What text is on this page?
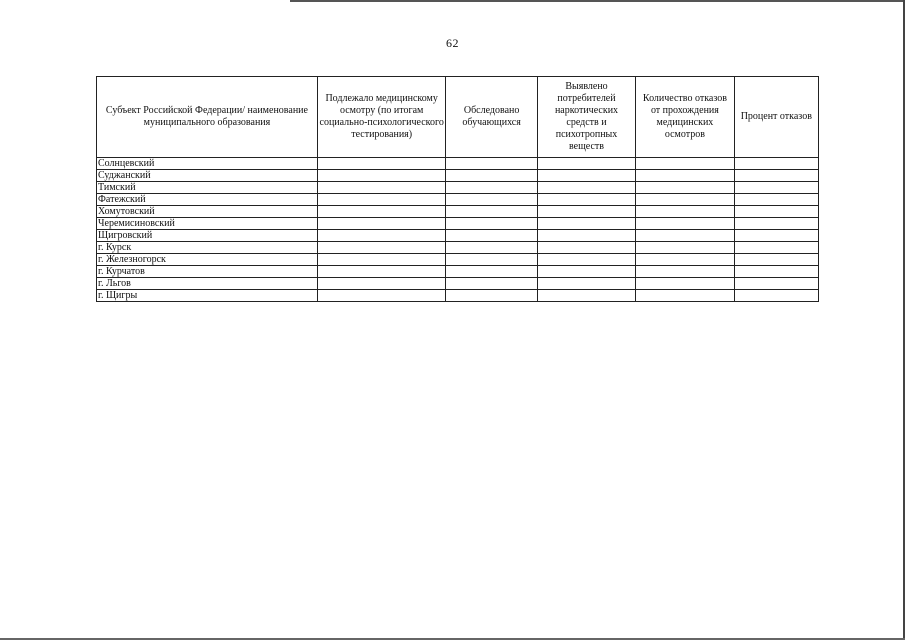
62
Субъект Российской Федерации/ наименование муниципального образования	Подлежало медицинскому осмотру (по итогам социально-психологического тестирования)	Обследовано обучающихся	Выявлено потребителей наркотических средств и психотропных веществ	Количество отказов от прохождения медицинских осмотров	Процент отказов
Солнцевский					
Суджанский					
Тимский					
Фатежский					
Хомутовский					
Черемисиновский					
Щигровский					
г. Курск					
г. Железногорск					
г. Курчатов					
г. Льгов					
г. Щигры					
